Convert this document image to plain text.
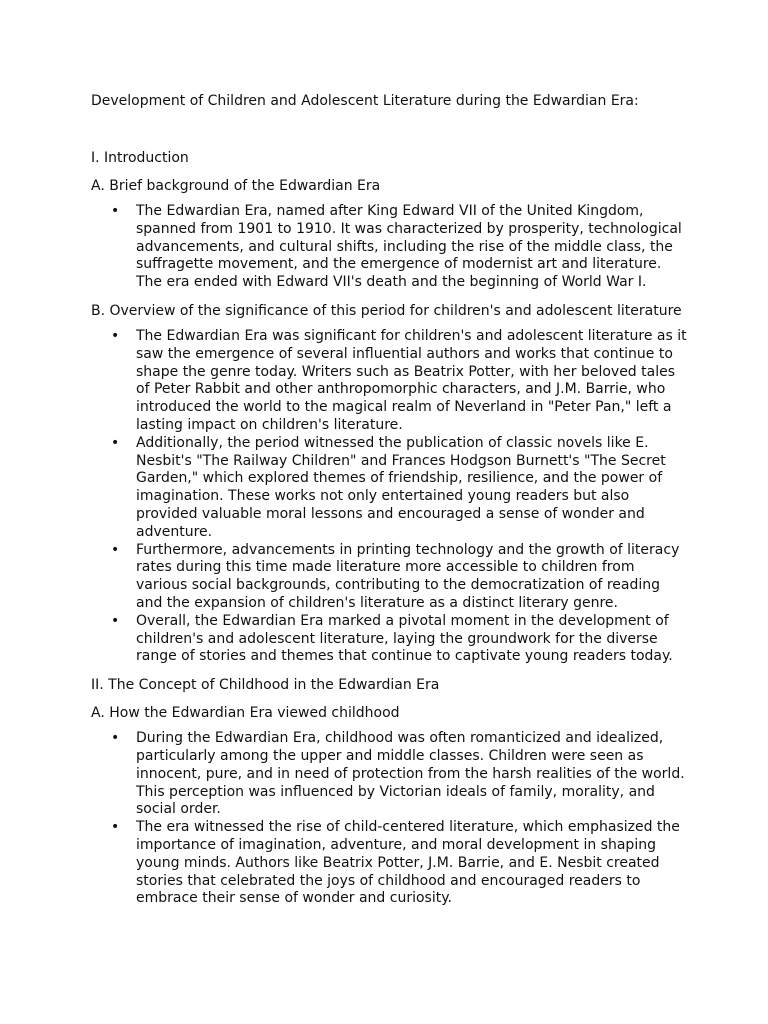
Development of Children and Adolescent Literature during the Edwardian Era:

I. Introduction

A. Brief background of the Edwardian Era

• The Edwardian Era, named after King Edward VII of the United Kingdom, spanned from 1901 to 1910. It was characterized by prosperity, technological advancements, and cultural shifts, including the rise of the middle class, the suffragette movement, and the emergence of modernist art and literature. The era ended with Edward VII's death and the beginning of World War I.

B. Overview of the significance of this period for children's and adolescent literature

• The Edwardian Era was significant for children's and adolescent literature as it saw the emergence of several influential authors and works that continue to shape the genre today. Writers such as Beatrix Potter, with her beloved tales of Peter Rabbit and other anthropomorphic characters, and J.M. Barrie, who introduced the world to the magical realm of Neverland in "Peter Pan," left a lasting impact on children's literature.
• Additionally, the period witnessed the publication of classic novels like E. Nesbit's "The Railway Children" and Frances Hodgson Burnett's "The Secret Garden," which explored themes of friendship, resilience, and the power of imagination. These works not only entertained young readers but also provided valuable moral lessons and encouraged a sense of wonder and adventure.
• Furthermore, advancements in printing technology and the growth of literacy rates during this time made literature more accessible to children from various social backgrounds, contributing to the democratization of reading and the expansion of children's literature as a distinct literary genre.
• Overall, the Edwardian Era marked a pivotal moment in the development of children's and adolescent literature, laying the groundwork for the diverse range of stories and themes that continue to captivate young readers today.

II. The Concept of Childhood in the Edwardian Era

A. How the Edwardian Era viewed childhood

• During the Edwardian Era, childhood was often romanticized and idealized, particularly among the upper and middle classes. Children were seen as innocent, pure, and in need of protection from the harsh realities of the world. This perception was influenced by Victorian ideals of family, morality, and social order.
• The era witnessed the rise of child-centered literature, which emphasized the importance of imagination, adventure, and moral development in shaping young minds. Authors like Beatrix Potter, J.M. Barrie, and E. Nesbit created stories that celebrated the joys of childhood and encouraged readers to embrace their sense of wonder and curiosity.
